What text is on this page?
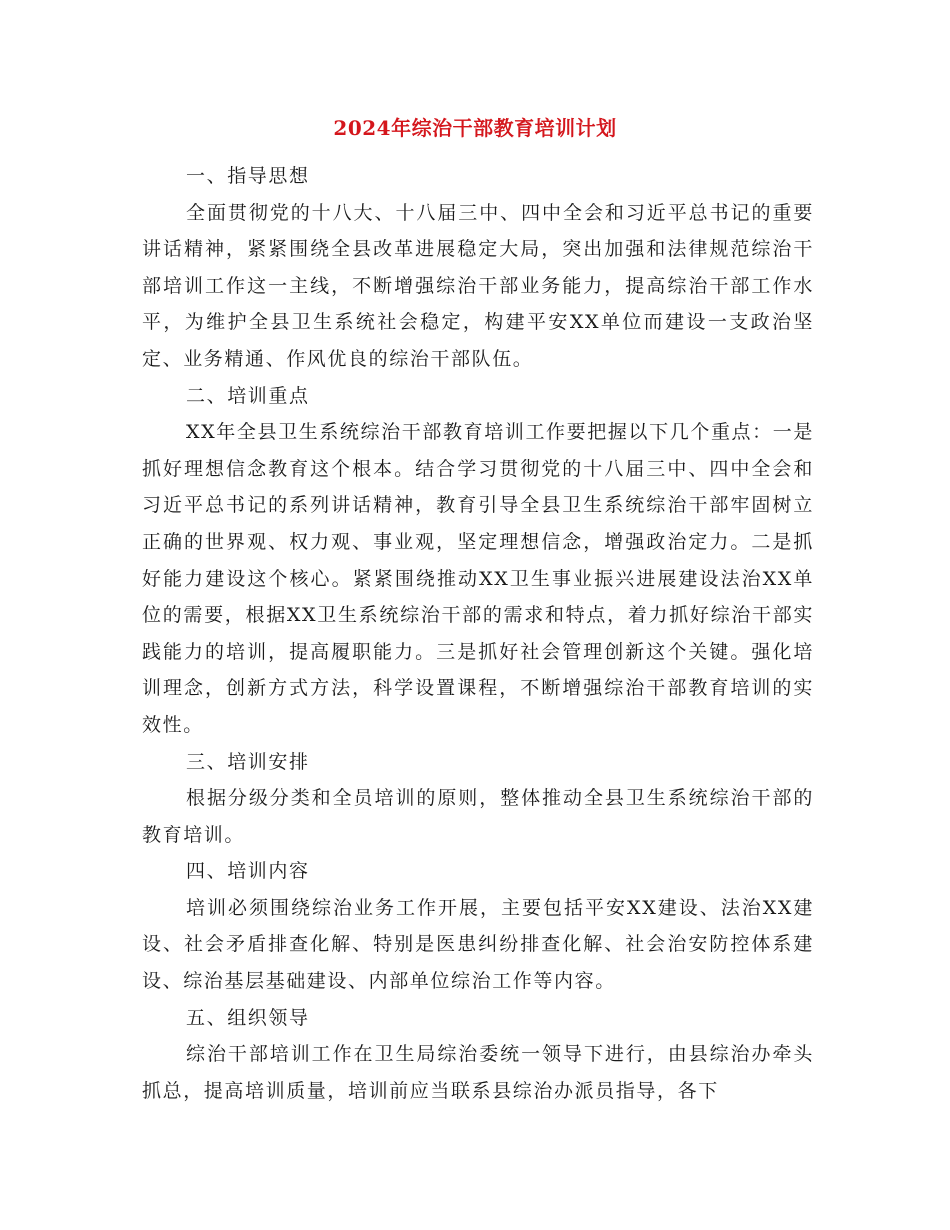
2024年综治干部教育培训计划

一、指导思想

全面贯彻党的十八大、十八届三中、四中全会和习近平总书记的重要讲话精神，紧紧围绕全县改革进展稳定大局，突出加强和法律规范综治干部培训工作这一主线，不断增强综治干部业务能力，提高综治干部工作水平，为维护全县卫生系统社会稳定，构建平安XX单位而建设一支政治坚定、业务精通、作风优良的综治干部队伍。

二、培训重点

XX年全县卫生系统综治干部教育培训工作要把握以下几个重点：一是抓好理想信念教育这个根本。结合学习贯彻党的十八届三中、四中全会和习近平总书记的系列讲话精神，教育引导全县卫生系统综治干部牢固树立正确的世界观、权力观、事业观，坚定理想信念，增强政治定力。二是抓好能力建设这个核心。紧紧围绕推动XX卫生事业振兴进展建设法治XX单位的需要，根据XX卫生系统综治干部的需求和特点，着力抓好综治干部实践能力的培训，提高履职能力。三是抓好社会管理创新这个关键。强化培训理念，创新方式方法，科学设置课程，不断增强综治干部教育培训的实效性。

三、培训安排

根据分级分类和全员培训的原则，整体推动全县卫生系统综治干部的教育培训。

四、培训内容

培训必须围绕综治业务工作开展，主要包括平安XX建设、法治XX建设、社会矛盾排查化解、特别是医患纠纷排查化解、社会治安防控体系建设、综治基层基础建设、内部单位综治工作等内容。

五、组织领导

综治干部培训工作在卫生局综治委统一领导下进行，由县综治办牵头抓总，提高培训质量，培训前应当联系县综治办派员指导，各下
